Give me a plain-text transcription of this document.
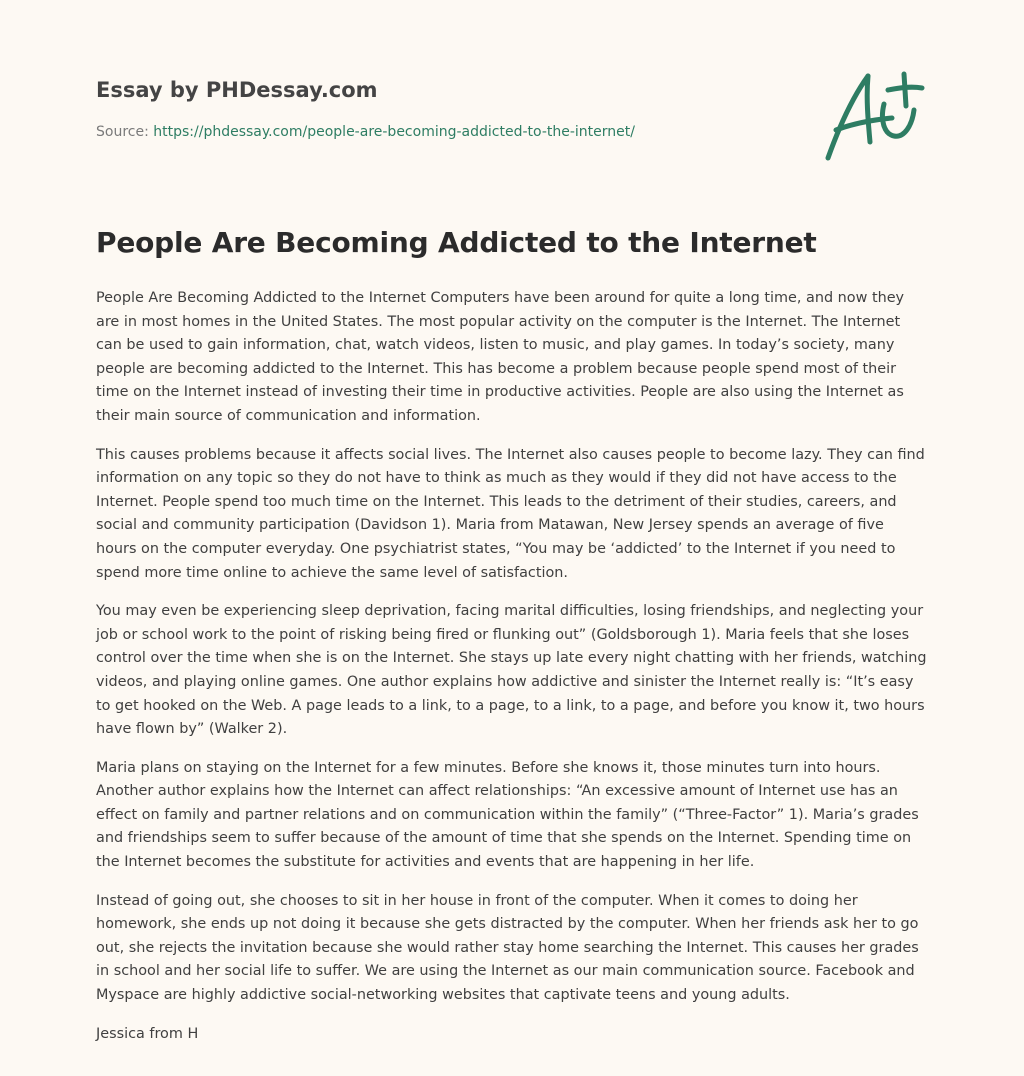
Essay by PHDessay.com
Source: https://phdessay.com/people-are-becoming-addicted-to-the-internet/
People Are Becoming Addicted to the Internet

People Are Becoming Addicted to the Internet Computers have been around for quite a long time, and now they are in most homes in the United States. The most popular activity on the computer is the Internet. The Internet can be used to gain information, chat, watch videos, listen to music, and play games. In today’s society, many people are becoming addicted to the Internet. This has become a problem because people spend most of their time on the Internet instead of investing their time in productive activities. People are also using the Internet as their main source of communication and information.

This causes problems because it affects social lives. The Internet also causes people to become lazy. They can find information on any topic so they do not have to think as much as they would if they did not have access to the Internet. People spend too much time on the Internet. This leads to the detriment of their studies, careers, and social and community participation (Davidson 1). Maria from Matawan, New Jersey spends an average of five hours on the computer everyday. One psychiatrist states, “You may be ‘addicted’ to the Internet if you need to spend more time online to achieve the same level of satisfaction.

You may even be experiencing sleep deprivation, facing marital difficulties, losing friendships, and neglecting your job or school work to the point of risking being fired or flunking out” (Goldsborough 1). Maria feels that she loses control over the time when she is on the Internet. She stays up late every night chatting with her friends, watching videos, and playing online games. One author explains how addictive and sinister the Internet really is: “It’s easy to get hooked on the Web. A page leads to a link, to a page, to a link, to a page, and before you know it, two hours have flown by” (Walker 2).

Maria plans on staying on the Internet for a few minutes. Before she knows it, those minutes turn into hours. Another author explains how the Internet can affect relationships: “An excessive amount of Internet use has an effect on family and partner relations and on communication within the family” (“Three-Factor” 1). Maria’s grades and friendships seem to suffer because of the amount of time that she spends on the Internet. Spending time on the Internet becomes the substitute for activities and events that are happening in her life.

Instead of going out, she chooses to sit in her house in front of the computer. When it comes to doing her homework, she ends up not doing it because she gets distracted by the computer. When her friends ask her to go out, she rejects the invitation because she would rather stay home searching the Internet. This causes her grades in school and her social life to suffer. We are using the Internet as our main communication source. Facebook and Myspace are highly addictive social-networking websites that captivate teens and young adults.

Jessica from H
